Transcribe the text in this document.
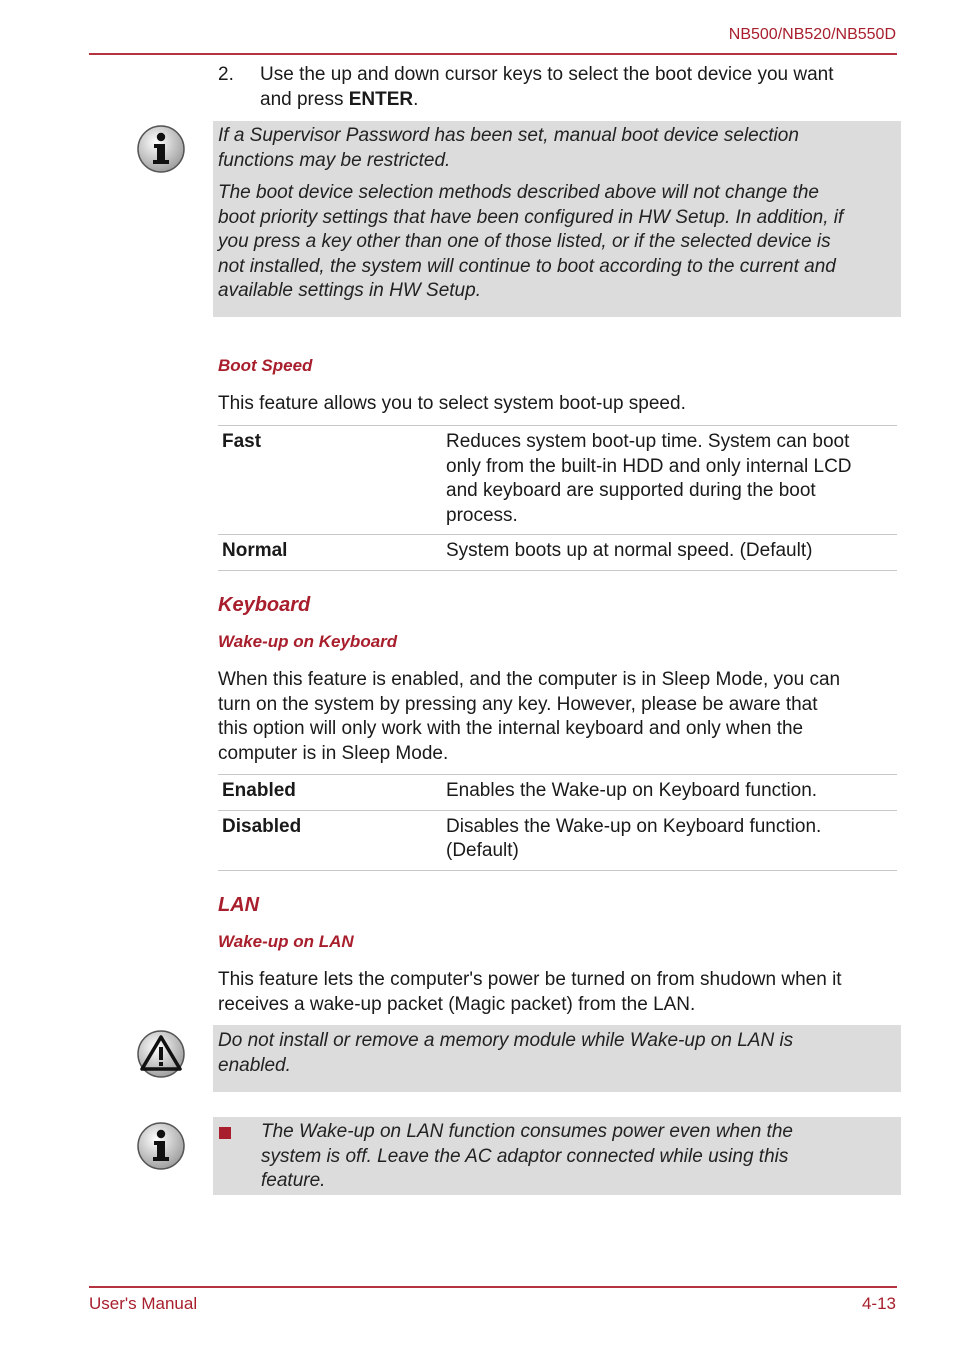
NB500/NB520/NB550D
2. Use the up and down cursor keys to select the boot device you want
and press ENTER.
If a Supervisor Password has been set, manual boot device selection
functions may be restricted.
The boot device selection methods described above will not change the
boot priority settings that have been configured in HW Setup. In addition, if
you press a key other than one of those listed, or if the selected device is
not installed, the system will continue to boot according to the current and
available settings in HW Setup.
Boot Speed
This feature allows you to select system boot-up speed.
Fast	Reduces system boot-up time. System can boot
only from the built-in HDD and only internal LCD
and keyboard are supported during the boot
process.

Normal	System boots up at normal speed. (Default)
Keyboard
Wake-up on Keyboard
When this feature is enabled, and the computer is in Sleep Mode, you can
turn on the system by pressing any key. However, please be aware that
this option will only work with the internal keyboard and only when the
computer is in Sleep Mode.
Enabled	Enables the Wake-up on Keyboard function.

Disabled	Disables the Wake-up on Keyboard function.
(Default)
LAN
Wake-up on LAN
This feature lets the computer's power be turned on from shudown when it
receives a wake-up packet (Magic packet) from the LAN.
Do not install or remove a memory module while Wake-up on LAN is
enabled.
The Wake-up on LAN function consumes power even when the
system is off. Leave the AC adaptor connected while using this
feature.
User's Manual	4-13
